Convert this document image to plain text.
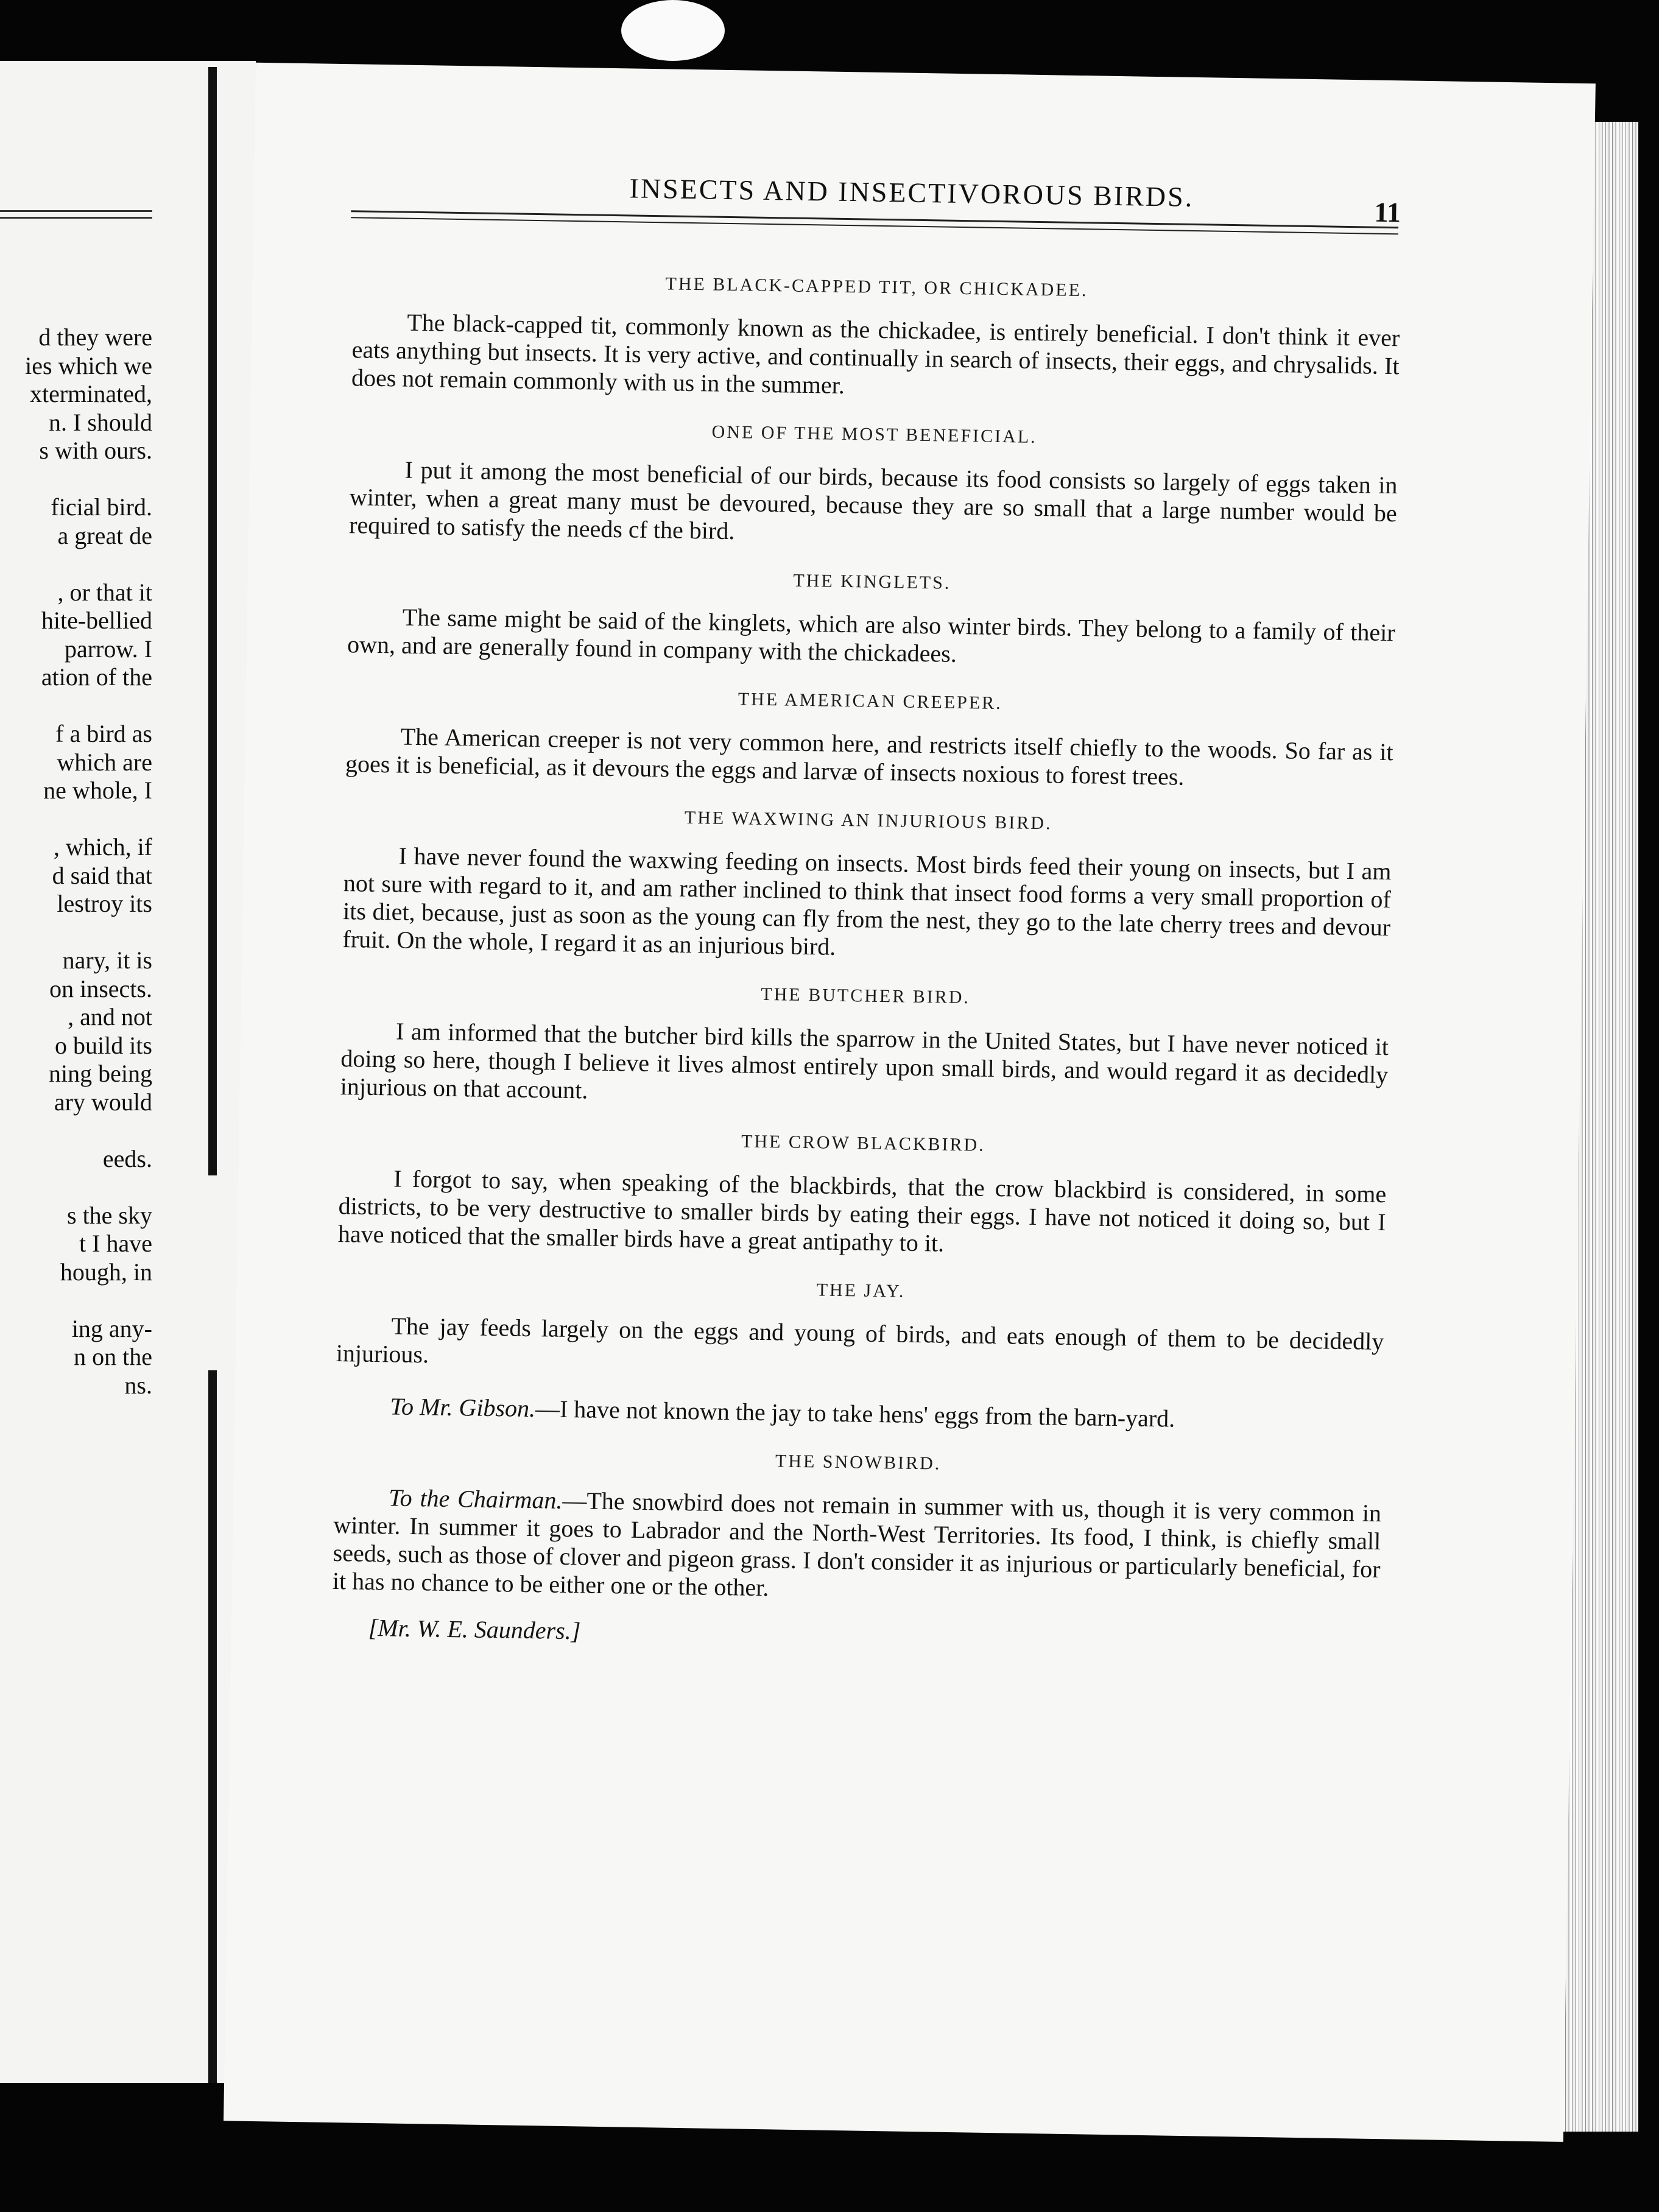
d they were
ies which we
xterminated,
n. I should
s with ours.
ficial bird.
a great de
, or that it
hite-bellied
parrow. I
ation of the
f a bird as
which are
ne whole, I
, which, if
d said that
lestroy its
nary, it is
on insects.
, and not
o build its
ning being
ary would
eeds.
s the sky
t I have
hough, in
ing any-
n on the
ns.
INSECTS AND INSECTIVOROUS BIRDS.	11
THE BLACK-CAPPED TIT, OR CHICKADEE.

The black-capped tit, commonly known as the chickadee, is entirely beneficial. I don't think it ever eats anything but insects. It is very active, and continually in search of insects, their eggs, and chrysalids. It does not remain commonly with us in the summer.

ONE OF THE MOST BENEFICIAL.

I put it among the most beneficial of our birds, because its food consists so largely of eggs taken in winter, when a great many must be devoured, because they are so small that a large number would be required to satisfy the needs cf the bird.

THE KINGLETS.

The same might be said of the kinglets, which are also winter birds. They belong to a family of their own, and are generally found in company with the chickadees.

THE AMERICAN CREEPER.

The American creeper is not very common here, and restricts itself chiefly to the woods. So far as it goes it is beneficial, as it devours the eggs and larvæ of insects noxious to forest trees.

THE WAXWING AN INJURIOUS BIRD.

I have never found the waxwing feeding on insects. Most birds feed their young on insects, but I am not sure with regard to it, and am rather inclined to think that insect food forms a very small proportion of its diet, because, just as soon as the young can fly from the nest, they go to the late cherry trees and devour fruit. On the whole, I regard it as an injurious bird.

THE BUTCHER BIRD.

I am informed that the butcher bird kills the sparrow in the United States, but I have never noticed it doing so here, though I believe it lives almost entirely upon small birds, and would regard it as decidedly injurious on that account.

THE CROW BLACKBIRD.

I forgot to say, when speaking of the blackbirds, that the crow blackbird is considered, in some districts, to be very destructive to smaller birds by eating their eggs. I have not noticed it doing so, but I have noticed that the smaller birds have a great antipathy to it.

THE JAY.

The jay feeds largely on the eggs and young of birds, and eats enough of them to be decidedly injurious.

To Mr. Gibson.—I have not known the jay to take hens' eggs from the barn-yard.

THE SNOWBIRD.

To the Chairman.—The snowbird does not remain in summer with us, though it is very common in winter. In summer it goes to Labrador and the North-West Territories. Its food, I think, is chiefly small seeds, such as those of clover and pigeon grass. I don't consider it as injurious or particularly beneficial, for it has no chance to be either one or the other.

[Mr. W. E. Saunders.]
